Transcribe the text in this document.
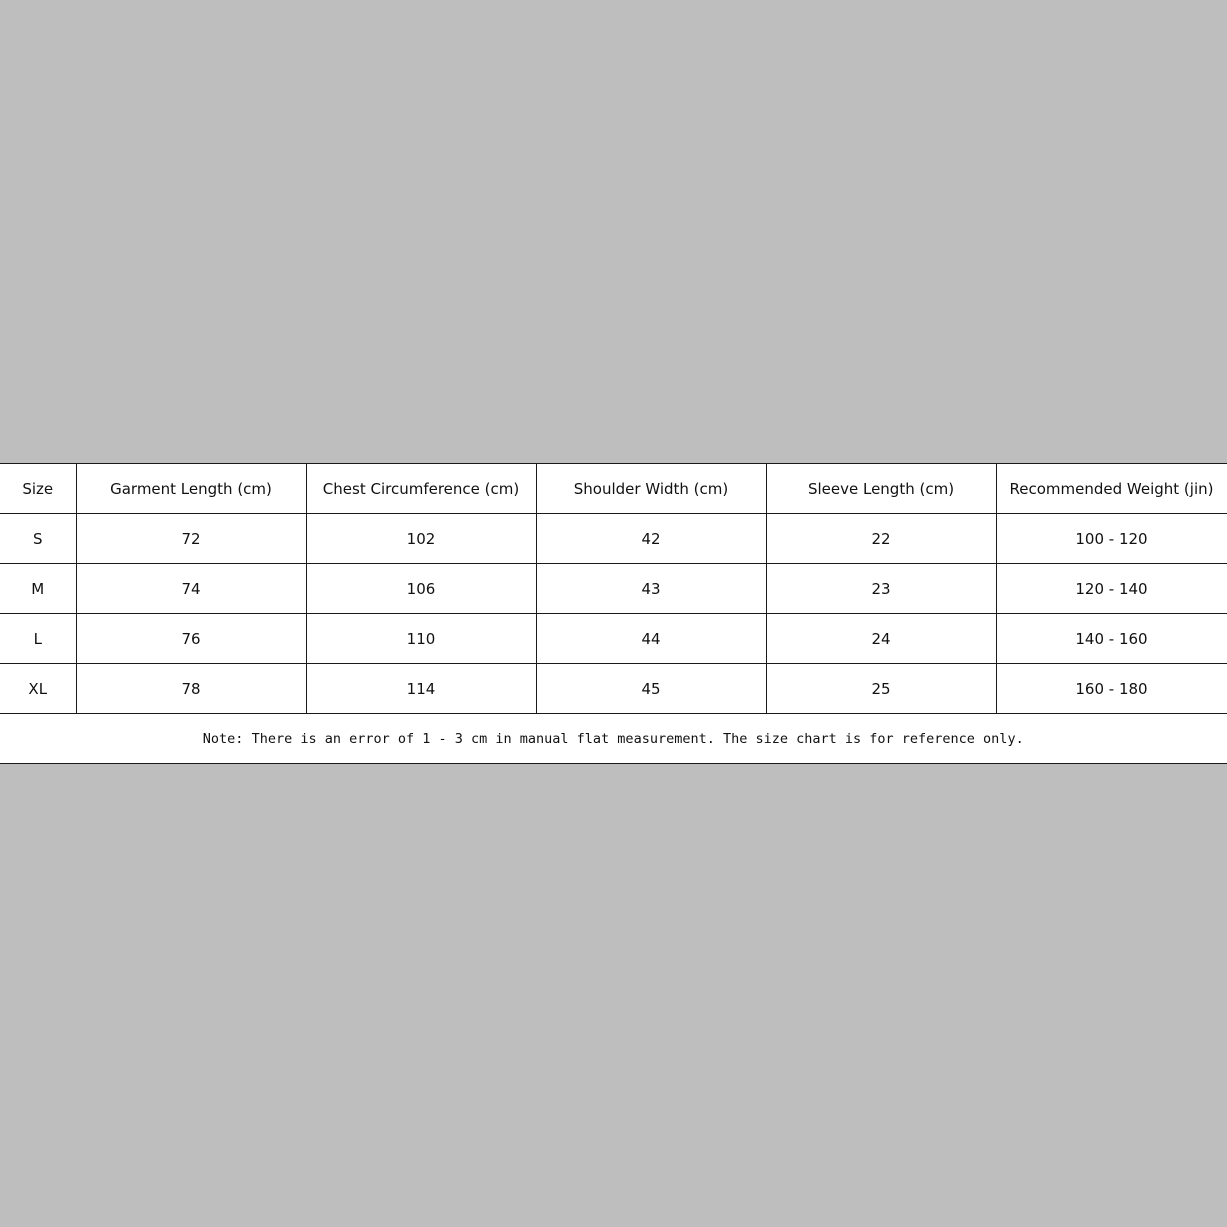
Size	Garment Length (cm)	Chest Circumference (cm)	Shoulder Width (cm)	Sleeve Length (cm)	Recommended Weight (jin)
S	72	102	42	22	100 - 120
M	74	106	43	23	120 - 140
L	76	110	44	24	140 - 160
XL	78	114	45	25	160 - 180
Note: There is an error of 1 - 3 cm in manual flat measurement. The size chart is for reference only.					
